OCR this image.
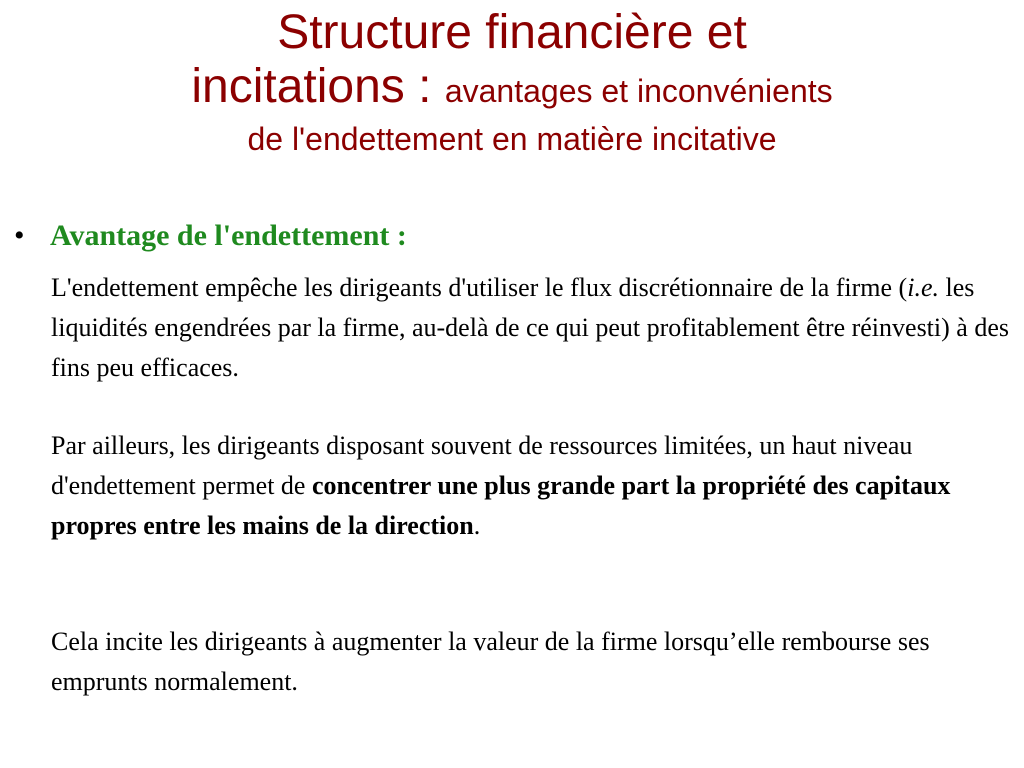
Structure financière et
incitations : avantages et inconvénients
de l'endettement en matière incitative
• Avantage de l'endettement :

L'endettement empêche les dirigeants d'utiliser le flux discrétionnaire de la firme (i.e. les liquidités engendrées par la firme, au-delà de ce qui peut profitablement être réinvesti) à des fins peu efficaces.

Par ailleurs, les dirigeants disposant souvent de ressources limitées, un haut niveau d'endettement permet de concentrer une plus grande part la propriété des capitaux propres entre les mains de la direction.

Cela incite les dirigeants à augmenter la valeur de la firme lorsqu’elle rembourse ses emprunts normalement.
